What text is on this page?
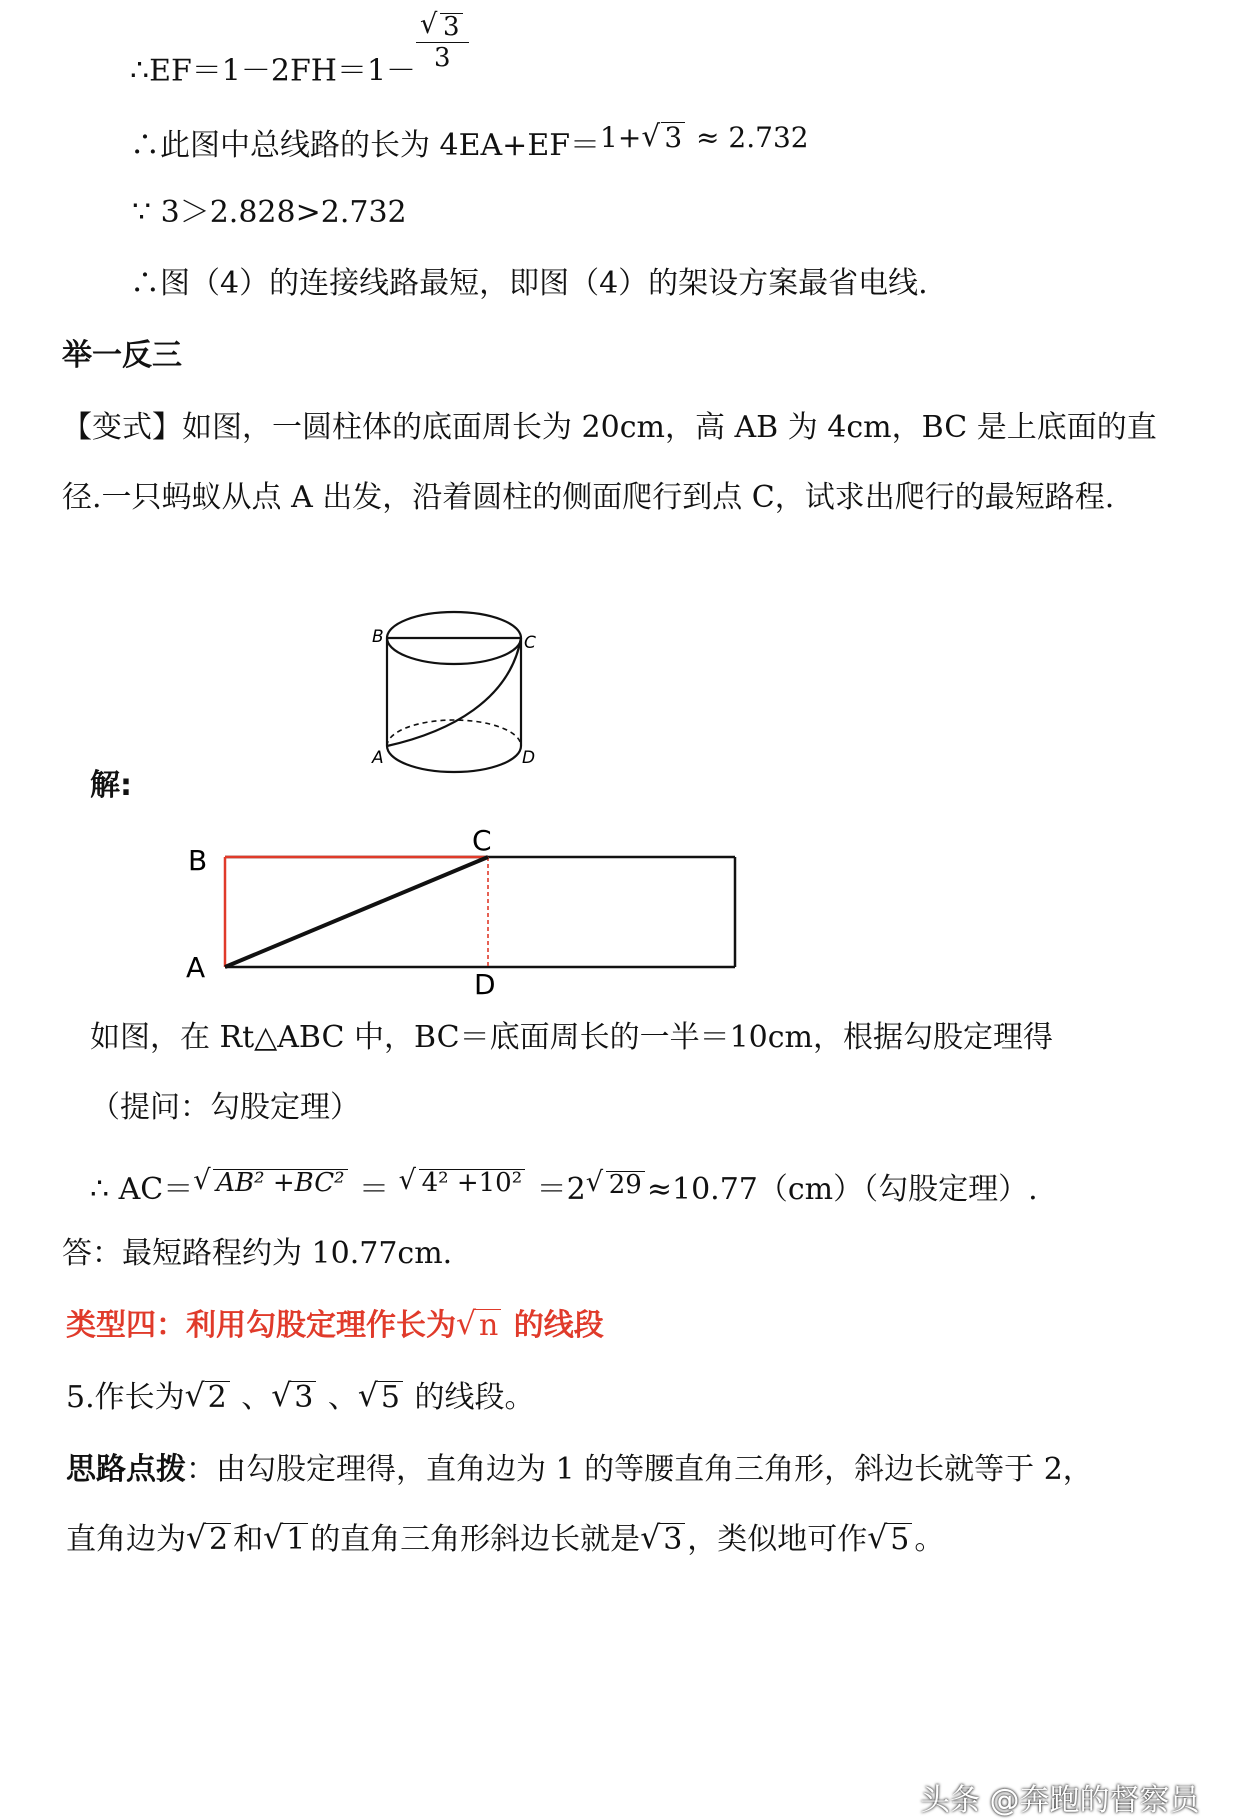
∴EF＝1－2FH＝1－ √ $\frac{3}{3}$
∴此图中总线路的长为 4EA+EF＝1+ √ 3 ≈ 2.732
∵ 3＞2.828>2.732
∴图（4）的连接线路最短，即图（4）的架设方案最省电线.
举一反三
【变式】如图，一圆柱体的底面周长为 20cm，高 AB 为 4cm，BC 是上底面的直
径.一只蚂蚁从点 A 出发，沿着圆柱的侧面爬行到点 C，试求出爬行的最短路程.
B	C
A	D
解:
B
C
A
D
如图，在 Rt△ABC 中，BC＝底面周长的一半＝10cm，根据勾股定理得
（提问：勾股定理）
∴ AC＝ √ AB² +BC² ＝ √ 4² +10² ＝2 √ 29 ≈10.77（cm）（勾股定理）.
答：最短路程约为 10.77cm.
类型四：利用勾股定理作长为 √ n 的线段
5.作长为 √ 2 、 √ 3 、 √ 5 的线段。
思路点拨：由勾股定理得，直角边为 1 的等腰直角三角形，斜边长就等于 2，
直角边为 √ 2 和 √ 1 的直角三角形斜边长就是 √ 3 ，类似地可作 √ 5 。
头条 @奔跑的督察员
